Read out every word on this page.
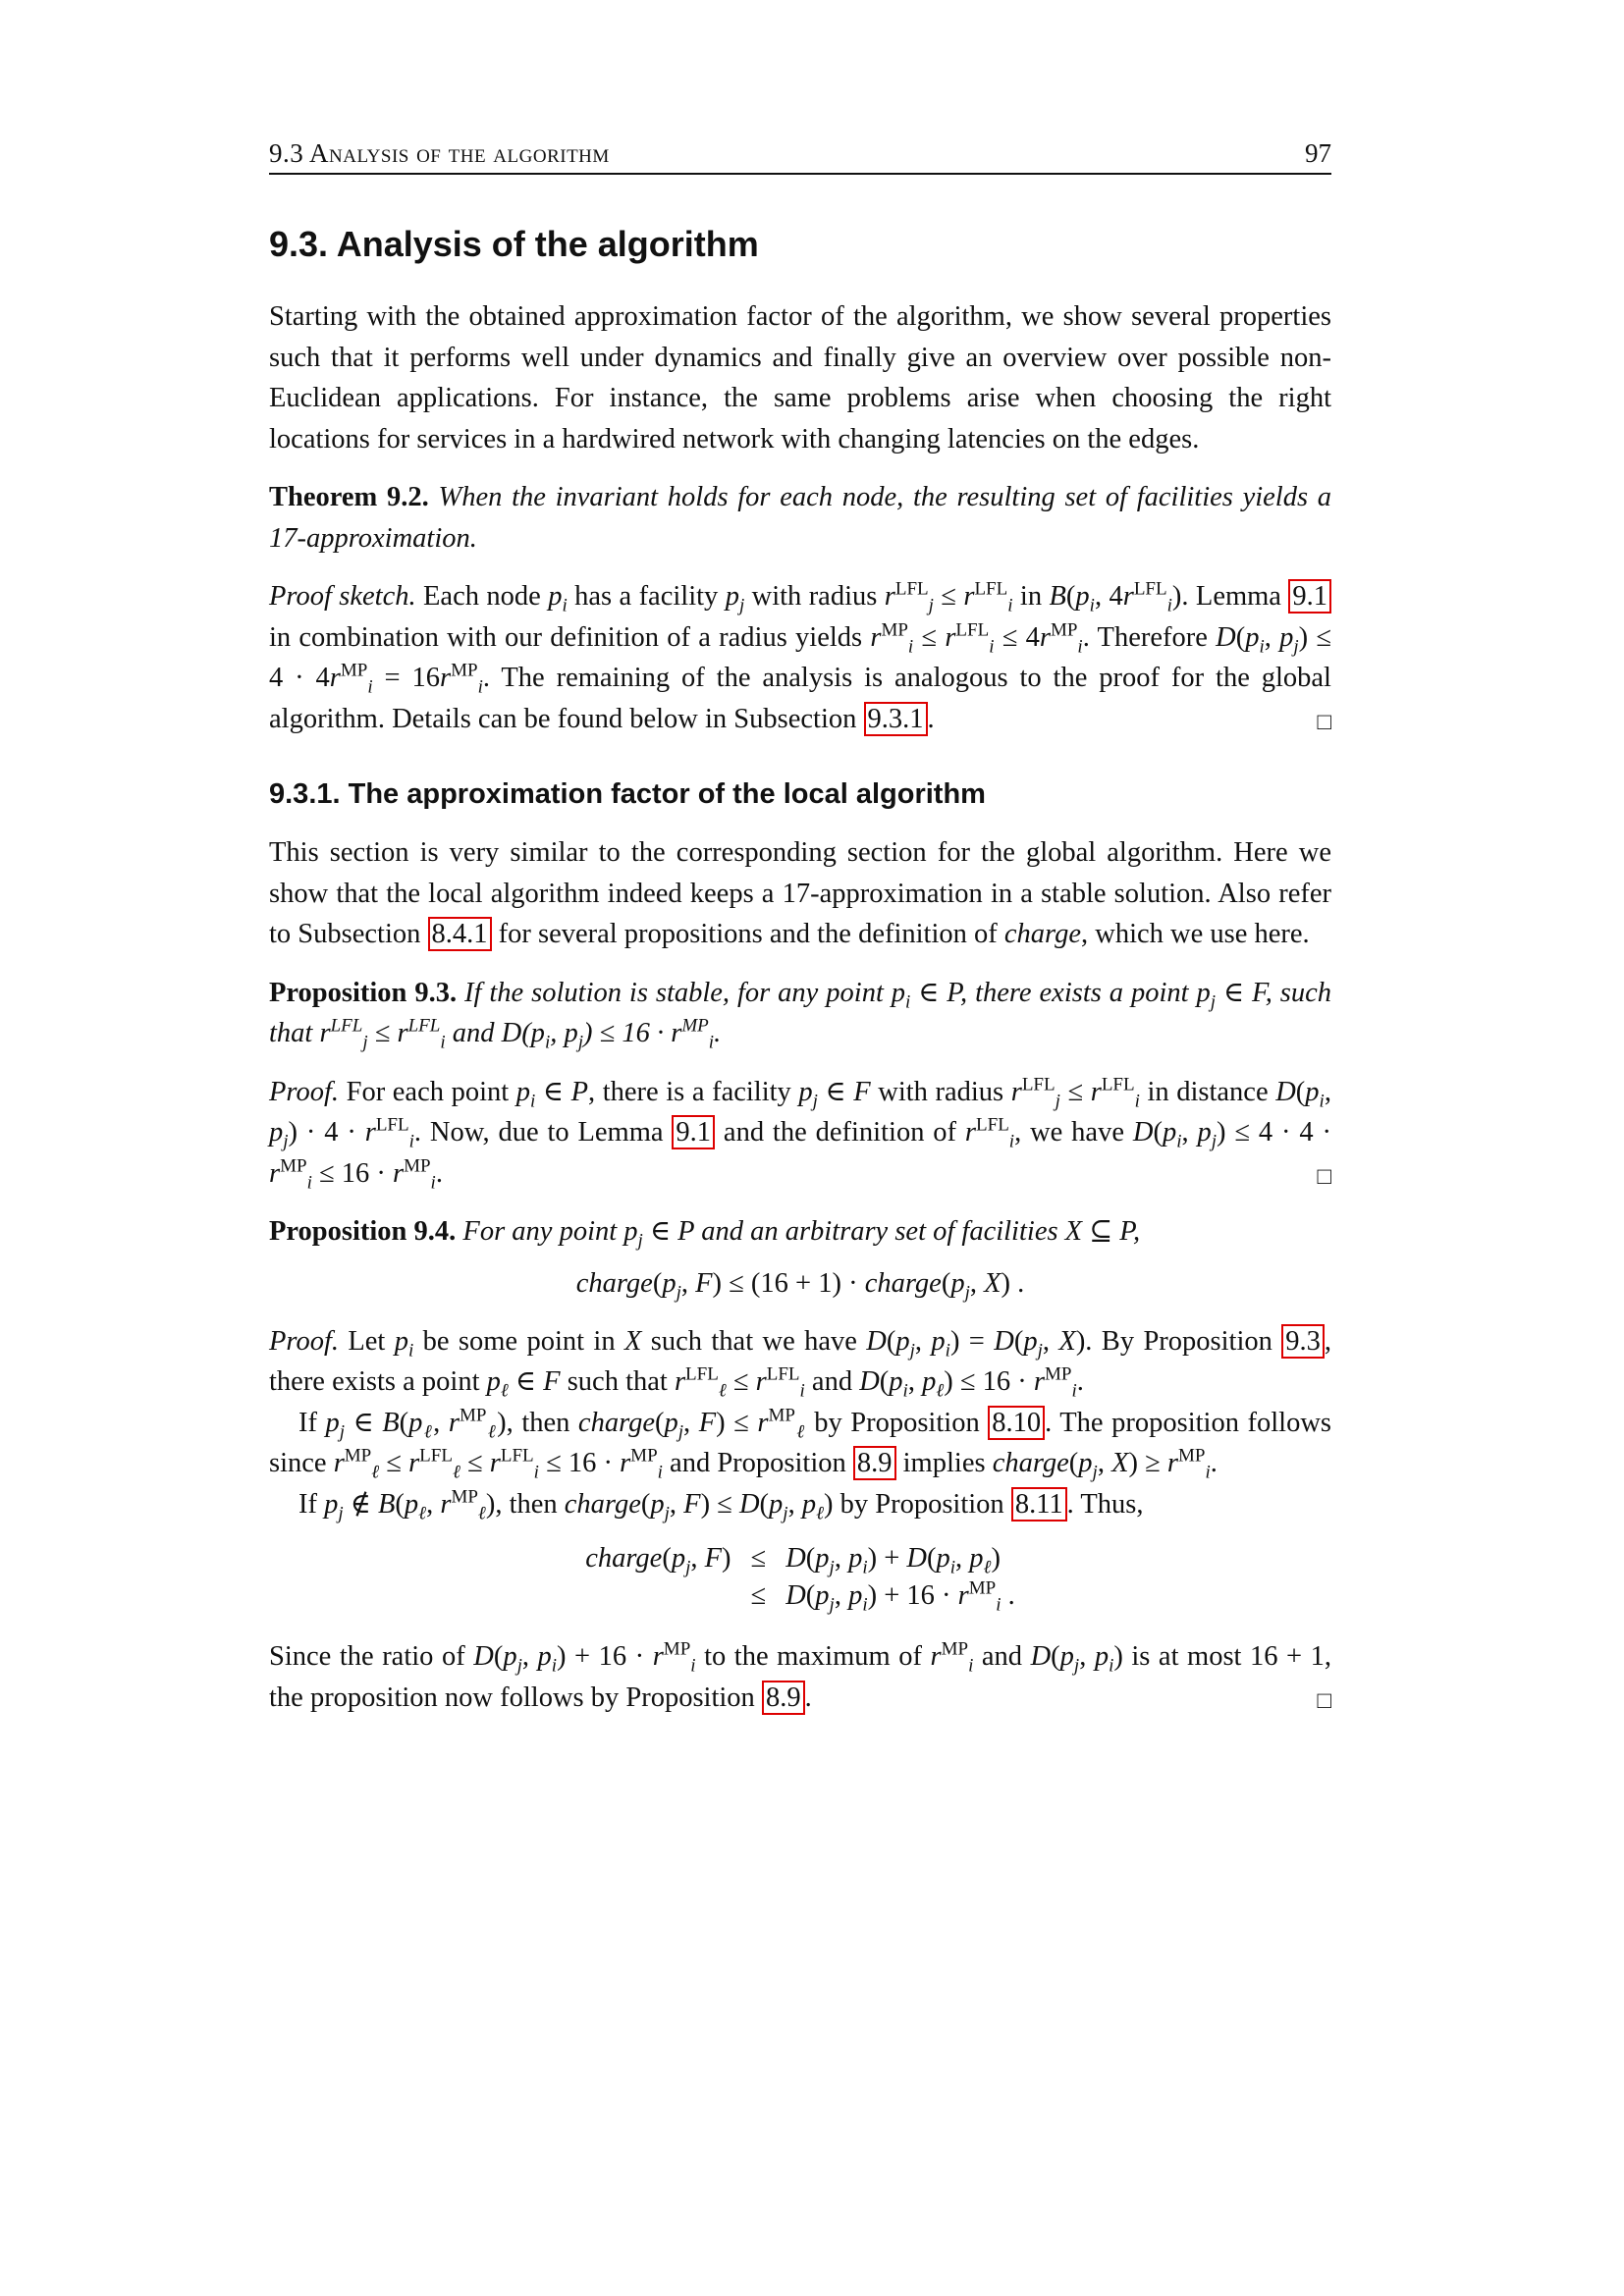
9.3 Analysis of the algorithm	97
9.3. Analysis of the algorithm

Starting with the obtained approximation factor of the algorithm, we show several properties such that it performs well under dynamics and finally give an overview over possible non-Euclidean applications. For instance, the same problems arise when choosing the right locations for services in a hardwired network with changing latencies on the edges.

Theorem 9.2. When the invariant holds for each node, the resulting set of facilities yields a 17-approximation.

Proof sketch. Each node $p_i$ has a facility $p_j$ with radius $r^{LFL}_j \le r^{LFL}_i$ in $B(p_i$, $4r^{LFL}_i$). Lemma 9.1 in combination with our definition of a radius yields $r^{MP}_i \le r^{LFL}_i \le 4r^{MP}_i$. Therefore $D(p_i$, $p_j) \le 4 \cdot 4r^{MP}_i = 16r^{MP}_i$. The remaining of the analysis is analogous to the proof for the global algorithm. Details can be found below in Subsection 9.3.1 .	□

9.3.1. The approximation factor of the local algorithm

This section is very similar to the corresponding section for the global algorithm. Here we show that the local algorithm indeed keeps a 17-approximation in a stable solution. Also refer to Subsection 8.4.1 for several propositions and the definition of charge, which we use here.

Proposition 9.3. If the solution is stable, for any point $p_i$ ∈ P, there exists a point $p_j$ ∈ F, such that $r^{LFL}_j \le r^{LFL}_i$ and $D(p_i$, $p_j) \le 16 \cdot r^{MP}_i$.

Proof. For each point $p_i$ ∈ P, there is a facility $p_j$ ∈ F with radius $r^{LFL}_j \le r^{LFL}_i$ in distance $D(p_i$, $p_j) \cdot 4 \cdot r^{LFL}_i$. Now, due to Lemma 9.1 and the definition of $r^{LFL}_i$, we have $D(p_i$, $p_j) \le 4 \cdot 4 \cdot r^{MP}_i \le 16 \cdot r^{MP}_i$.	□

Proposition 9.4. For any point $p_j$ ∈ P and an arbitrary set of facilities X ⊆ P,

$charge(p_j$, $F) \le (16 + 1) \cdot charge(p_j$, X) .

Proof. Let $p_i$ be some point in X such that we have $D(p_j$, $p_i) = D(p_j$, X). By Proposition 9.3 , there exists a point $p_\ell$ ∈ F such that $r^{LFL}_\ell \le r^{LFL}_i$ and $D(p_i$, $p_\ell) \le 16 \cdot r^{MP}_i$.

If $p_j$ ∈ $B(p_\ell$, $r^{MP}_\ell$), then $charge(p_j$, $F) \le r^{MP}_\ell$ by Proposition 8.10 . The proposition follows since $r^{MP}_\ell \le r^{LFL}_\ell \le r^{LFL}_i \le 16 \cdot r^{MP}_i$ and Proposition 8.9 implies $charge(p_j$, $X) \ge r^{MP}_i$.

If $p_j$ ∉ $B(p_\ell$, $r^{MP}_\ell$), then $charge(p_j$, $F) \le D(p_j$, $p_\ell$) by Proposition 8.11 . Thus,

$charge(p_j$, F)	≤	$D(p_j$, $p_i) + D(p_i$, $p_\ell$)
	≤	$D(p_j$, $p_i) + 16 \cdot r^{MP}_i$ .

Since the ratio of $D(p_j$, $p_i) + 16 \cdot r^{MP}_i$ to the maximum of $r^{MP}_i$ and $D(p_j$, $p_i$) is at most 16 + 1, the proposition now follows by Proposition 8.9 .	□
